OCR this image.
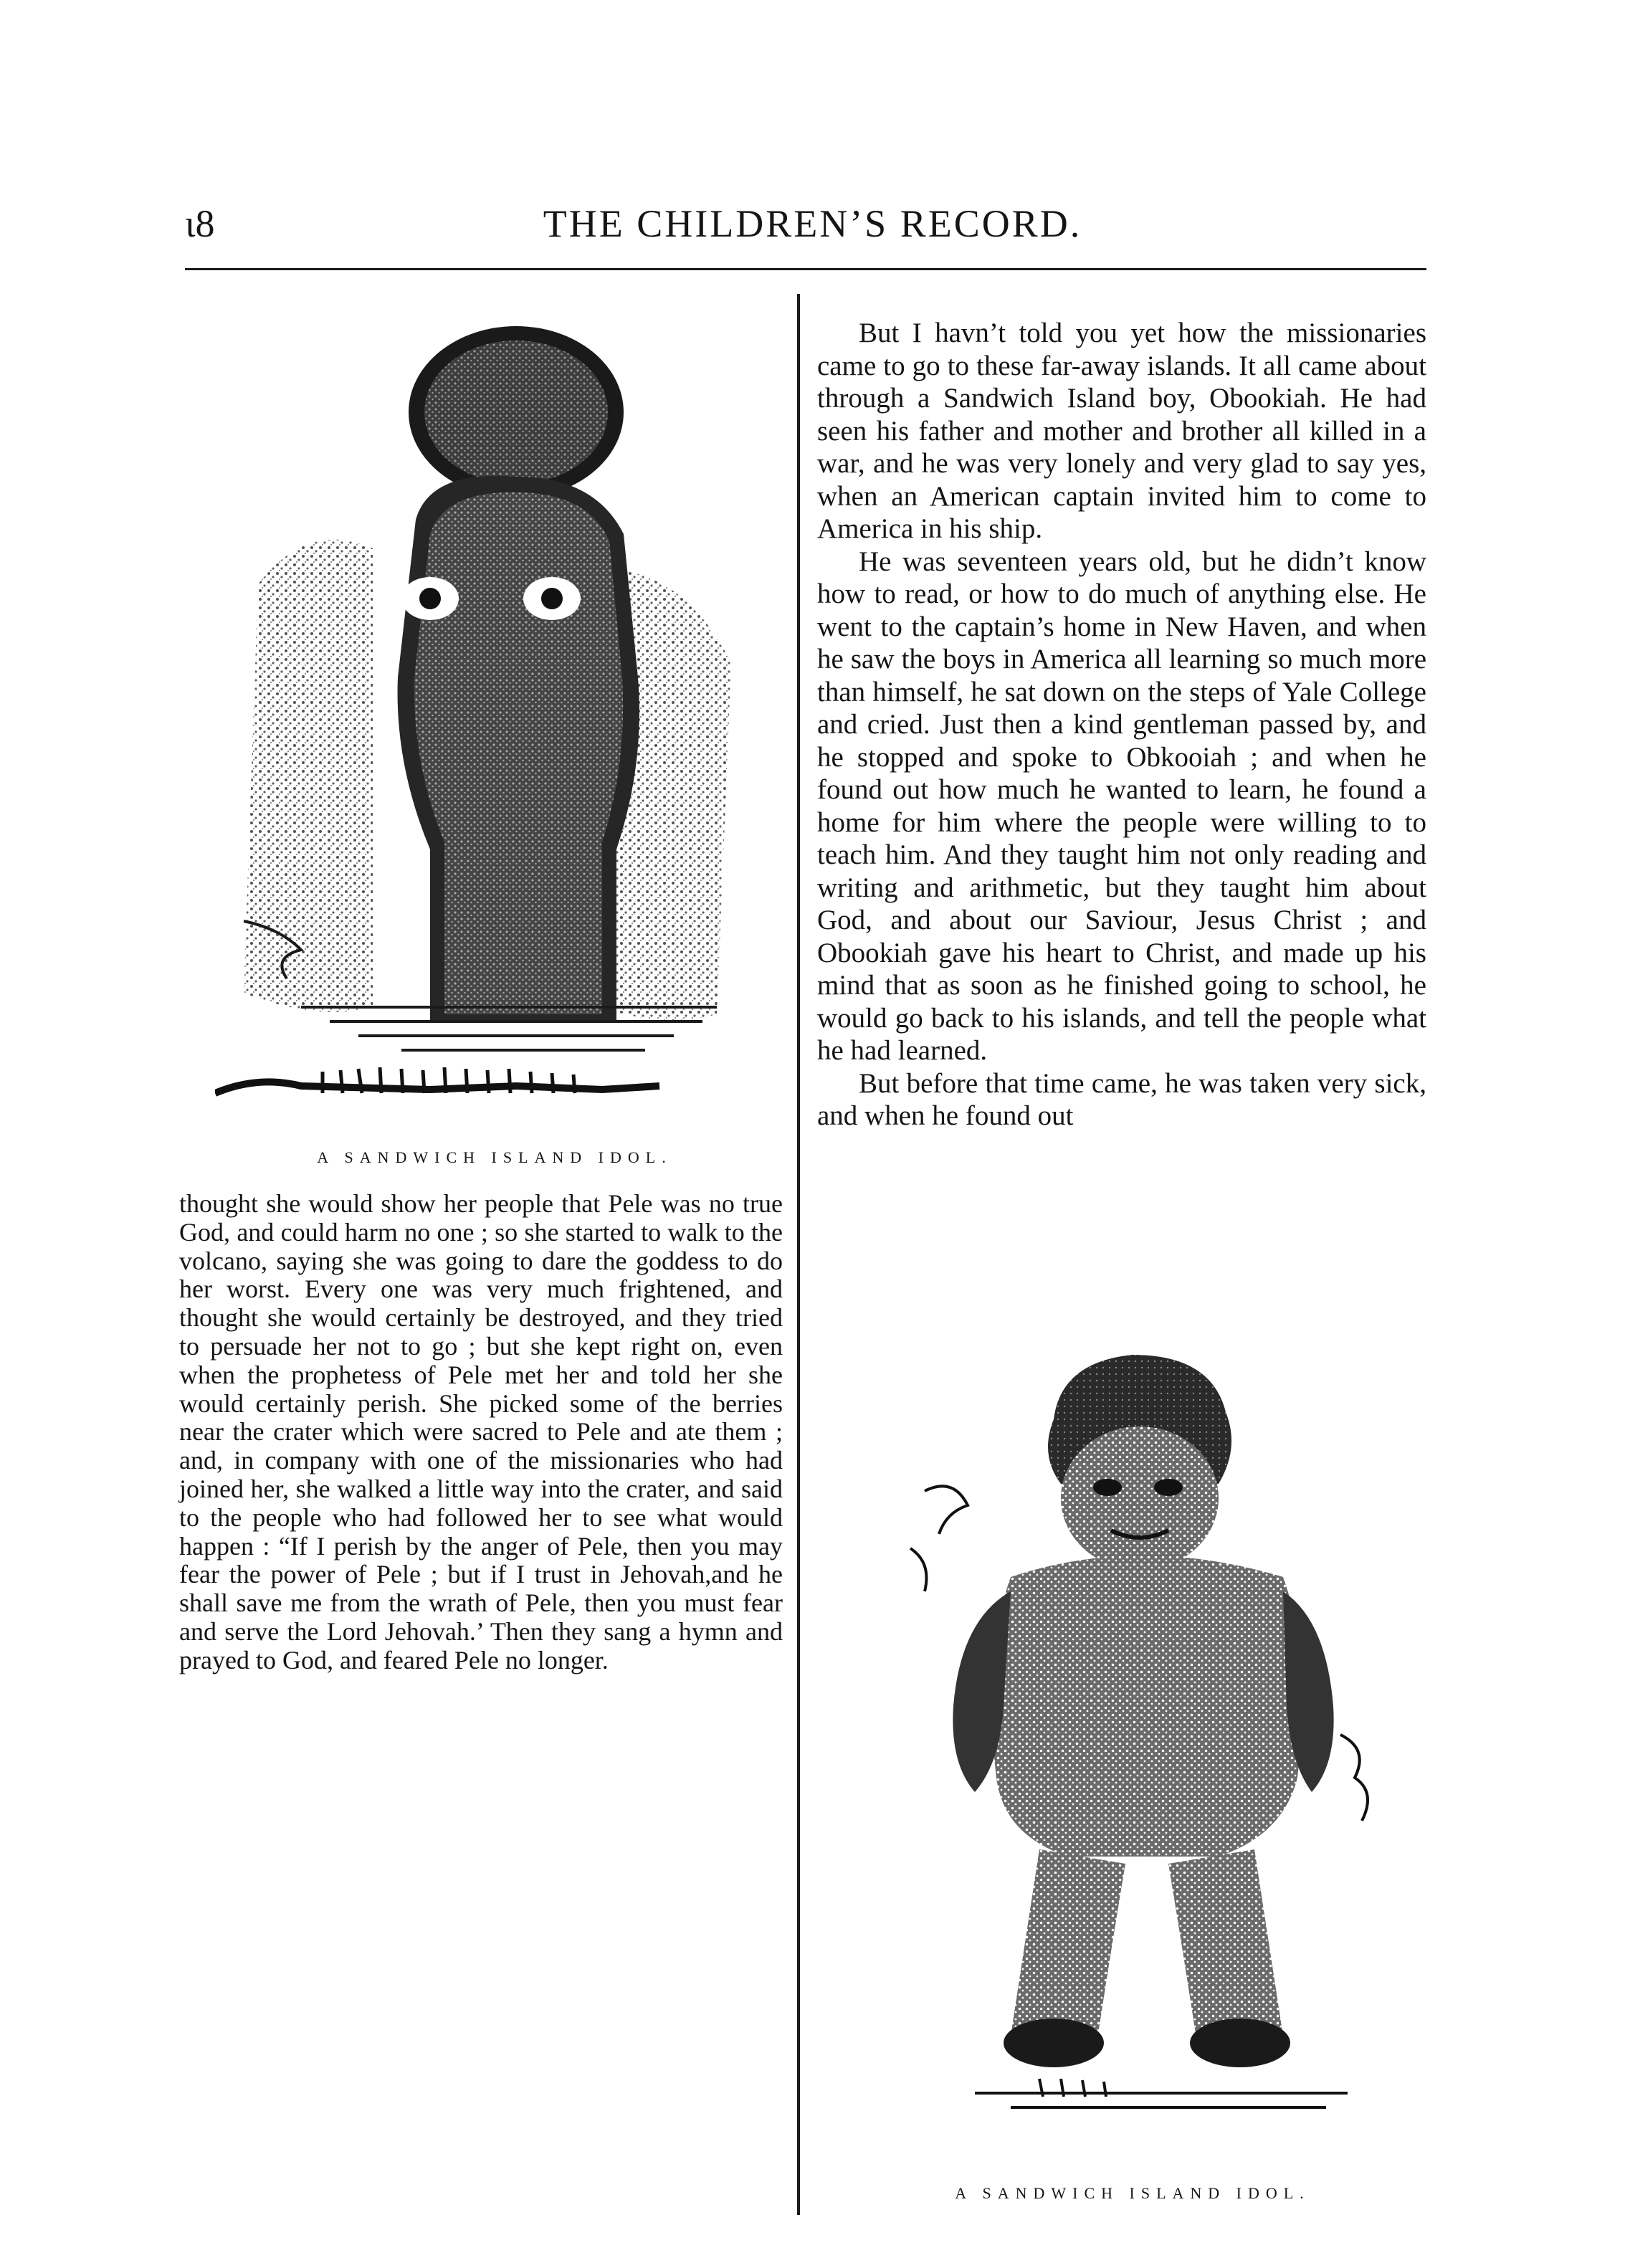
ι8	THE CHILDREN’S RECORD.
A SANDWICH ISLAND IDOL.

thought she would show her people that Pele was no true God, and could harm no one ; so she started to walk to the volcano, saying she was going to dare the goddess to do her worst. Every one was very much frightened, and thought she would certainly be destroyed, and they tried to persuade her not to go ; but she kept right on, even when the prophetess of Pele met her and told her she would certainly perish. She picked some of the berries near the crater which were sacred to Pele and ate them ; and, in company with one of the missionaries who had joined her, she walked a little way into the crater, and said to the people who had followed her to see what would happen : “If I perish by the anger of Pele, then you may fear the power of Pele ; but if I trust in Jehovah,and he shall save me from the wrath of Pele, then you must fear and serve the Lord Jehovah.’ Then they sang a hymn and prayed to God, and feared Pele no longer.

But I havn’t told you yet how the missionaries came to go to these far-away islands. It all came about through a Sandwich Island boy, Obookiah. He had seen his father and mother and brother all killed in a war, and he was very lonely and very glad to say yes, when an American captain invited him to come to America in his ship.

He was seventeen years old, but he didn’t know how to read, or how to do much of anything else. He went to the captain’s home in New Haven, and when he saw the boys in America all learning so much more than himself, he sat down on the steps of Yale College and cried. Just then a kind gentleman passed by, and he stopped and spoke to Obkooiah ; and when he found out how much he wanted to learn, he found a home for him where the people were willing to to teach him. And they taught him not only reading and writing and arithmetic, but they taught him about God, and about our Saviour, Jesus Christ ; and Obookiah gave his heart to Christ, and made up his mind that as soon as he finished going to school, he would go back to his islands, and tell the people what he had learned.

But before that time came, he was taken very sick, and when he found out

A SANDWICH ISLAND IDOL.
